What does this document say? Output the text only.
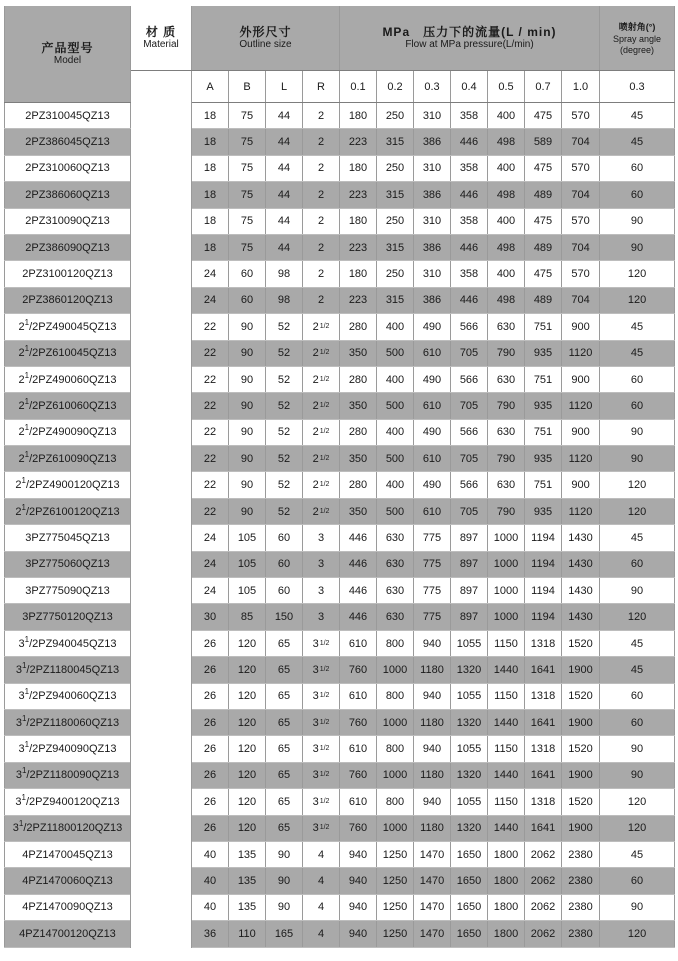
产品型号
Model	材 质
Material	外形尺寸
Outline size				MPa　压力下的流量(L / min)
Flow at MPa pressure(L/min)							喷射角(°)
Spray angle
(degree)

		A	B	L	R	0.1	0.2	0.3	0.4	0.5	0.7	1.0	0.3
2PZ310045QZ13		18	75	44	2	180	250	310	358	400	475	570	45
2PZ386045QZ13		18	75	44	2	223	315	386	446	498	589	704	45
2PZ310060QZ13		18	75	44	2	180	250	310	358	400	475	570	60
2PZ386060QZ13		18	75	44	2	223	315	386	446	498	489	704	60
2PZ310090QZ13		18	75	44	2	180	250	310	358	400	475	570	90
2PZ386090QZ13		18	75	44	2	223	315	386	446	498	489	704	90
2PZ3100120QZ13		24	60	98	2	180	250	310	358	400	475	570	120
2PZ3860120QZ13		24	60	98	2	223	315	386	446	498	489	704	120
$2^1/2PZ490045QZ13$		22	90	52	21/2	280	400	490	566	630	751	900	45
$2^1/2PZ610045QZ13$		22	90	52	21/2	350	500	610	705	790	935	1120	45
$2^1/2PZ490060QZ13$		22	90	52	21/2	280	400	490	566	630	751	900	60
$2^1/2PZ610060QZ13$		22	90	52	21/2	350	500	610	705	790	935	1120	60
$2^1/2PZ490090QZ13$		22	90	52	21/2	280	400	490	566	630	751	900	90
$2^1/2PZ610090QZ13$		22	90	52	21/2	350	500	610	705	790	935	1120	90
$2^1/2PZ4900120QZ13$		22	90	52	21/2	280	400	490	566	630	751	900	120
$2^1/2PZ6100120QZ13$		22	90	52	21/2	350	500	610	705	790	935	1120	120
3PZ775045QZ13		24	105	60	3	446	630	775	897	1000	1194	1430	45
3PZ775060QZ13		24	105	60	3	446	630	775	897	1000	1194	1430	60
3PZ775090QZ13		24	105	60	3	446	630	775	897	1000	1194	1430	90
3PZ7750120QZ13		30	85	150	3	446	630	775	897	1000	1194	1430	120
$3^1/2PZ940045QZ13$		26	120	65	31/2	610	800	940	1055	1150	1318	1520	45
$3^1/2PZ1180045QZ13$		26	120	65	31/2	760	1000	1180	1320	1440	1641	1900	45
$3^1/2PZ940060QZ13$		26	120	65	31/2	610	800	940	1055	1150	1318	1520	60
$3^1/2PZ1180060QZ13$		26	120	65	31/2	760	1000	1180	1320	1440	1641	1900	60
$3^1/2PZ940090QZ13$		26	120	65	31/2	610	800	940	1055	1150	1318	1520	90
$3^1/2PZ1180090QZ13$		26	120	65	31/2	760	1000	1180	1320	1440	1641	1900	90
$3^1/2PZ9400120QZ13$		26	120	65	31/2	610	800	940	1055	1150	1318	1520	120
$3^1/2PZ11800120QZ13$		26	120	65	31/2	760	1000	1180	1320	1440	1641	1900	120
4PZ1470045QZ13		40	135	90	4	940	1250	1470	1650	1800	2062	2380	45
4PZ1470060QZ13		40	135	90	4	940	1250	1470	1650	1800	2062	2380	60
4PZ1470090QZ13		40	135	90	4	940	1250	1470	1650	1800	2062	2380	90
4PZ14700120QZ13		36	110	165	4	940	1250	1470	1650	1800	2062	2380	120
